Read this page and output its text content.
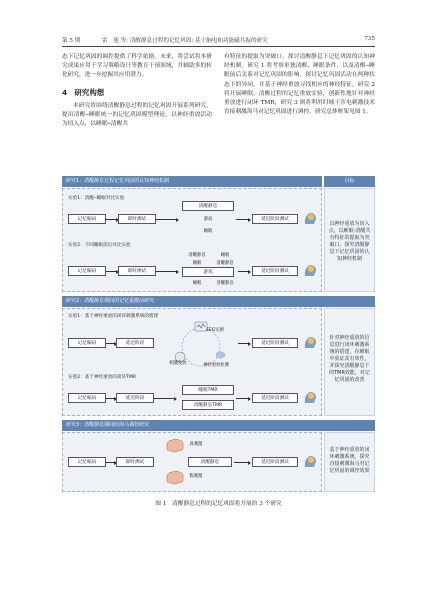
第 5 期	雷　旭 等: 清醒静息过程的记忆巩固: 基于脑电和功能磁共振的研究	735

态下记忆巩固的调控提供了科学依据。未来，将尝试将本研究成果应用于学习策略设计等教育干预领域，并辅助多的转化研究，进一步挖掘其应用潜力。

4　研究构想

本研究将围绕清醒静息过程的记忆巩固开展系列研究，提出清醒─睡眠统一的记忆巩固模型理论，以神经重放活动为切入点，以睡眠─清醒共

有特征的提取为突破口，探讨清醒静息下记忆巩固的认知神经机制。研究 1 将考察单独清醒、睡眠条件，以及清醒─睡眠前后关系对记忆巩固的影响，探讨记忆巩固活动在两种状态下的异同，并基于神经重放寻找相应的神经特征，研究 2 将开展睡眠、清醒过程的记忆重放实验，创新性地针对神经重放进行闭环 TMR，研究 3 则将利用时域干涉电刺激技术直接刺激海马对记忆巩固进行调控。研究总体框架见图 1。

研究1：清醒静息过程记忆巩固的认知神经机制	目标
以神经重放为切入点，以睡眠-清醒共有特征的提取为突破口，探究清醒静息下记忆巩固的认知神经机制
实验1：清醒─睡眠对比实验
记忆编码	即时测试
清醒静息
游戏
睡眠
延迟阶段测试
实验2：不同睡眠前后对比实验
记忆编码	即时测试
清醒静息	睡眠
睡眠	清醒静息
游戏
睡眠	清醒静息
延迟阶段测试
研究2：清醒静息期间的记忆重激活研究
针对神经重放的信息进行闭环刺激系统的搭建，在睡眠中验证其有效性，并探究清醒静息下的TMR效能，对记忆巩固的改善
实验1：基于神经重放的闭环刺激系统的搭建
记忆编码	延迟阶段
EEG实测
刺激发放	神经重放检测
延迟阶段测试
实验2：基于神经重放的闭环TMR
记忆编码	延迟阶段
睡眠TMR
清醒静息TMR
延迟阶段测试
研究3：清醒静息期间的海马调控研究
基于神经重放的闭环刺激系统，探究直接刺激海马对记忆巩固的调控效果
记忆编码	即时测试
真刺激
假刺激
清醒静息	延迟阶段测试
图 1　清醒静息过程的记忆巩固将开展的 3 个研究
